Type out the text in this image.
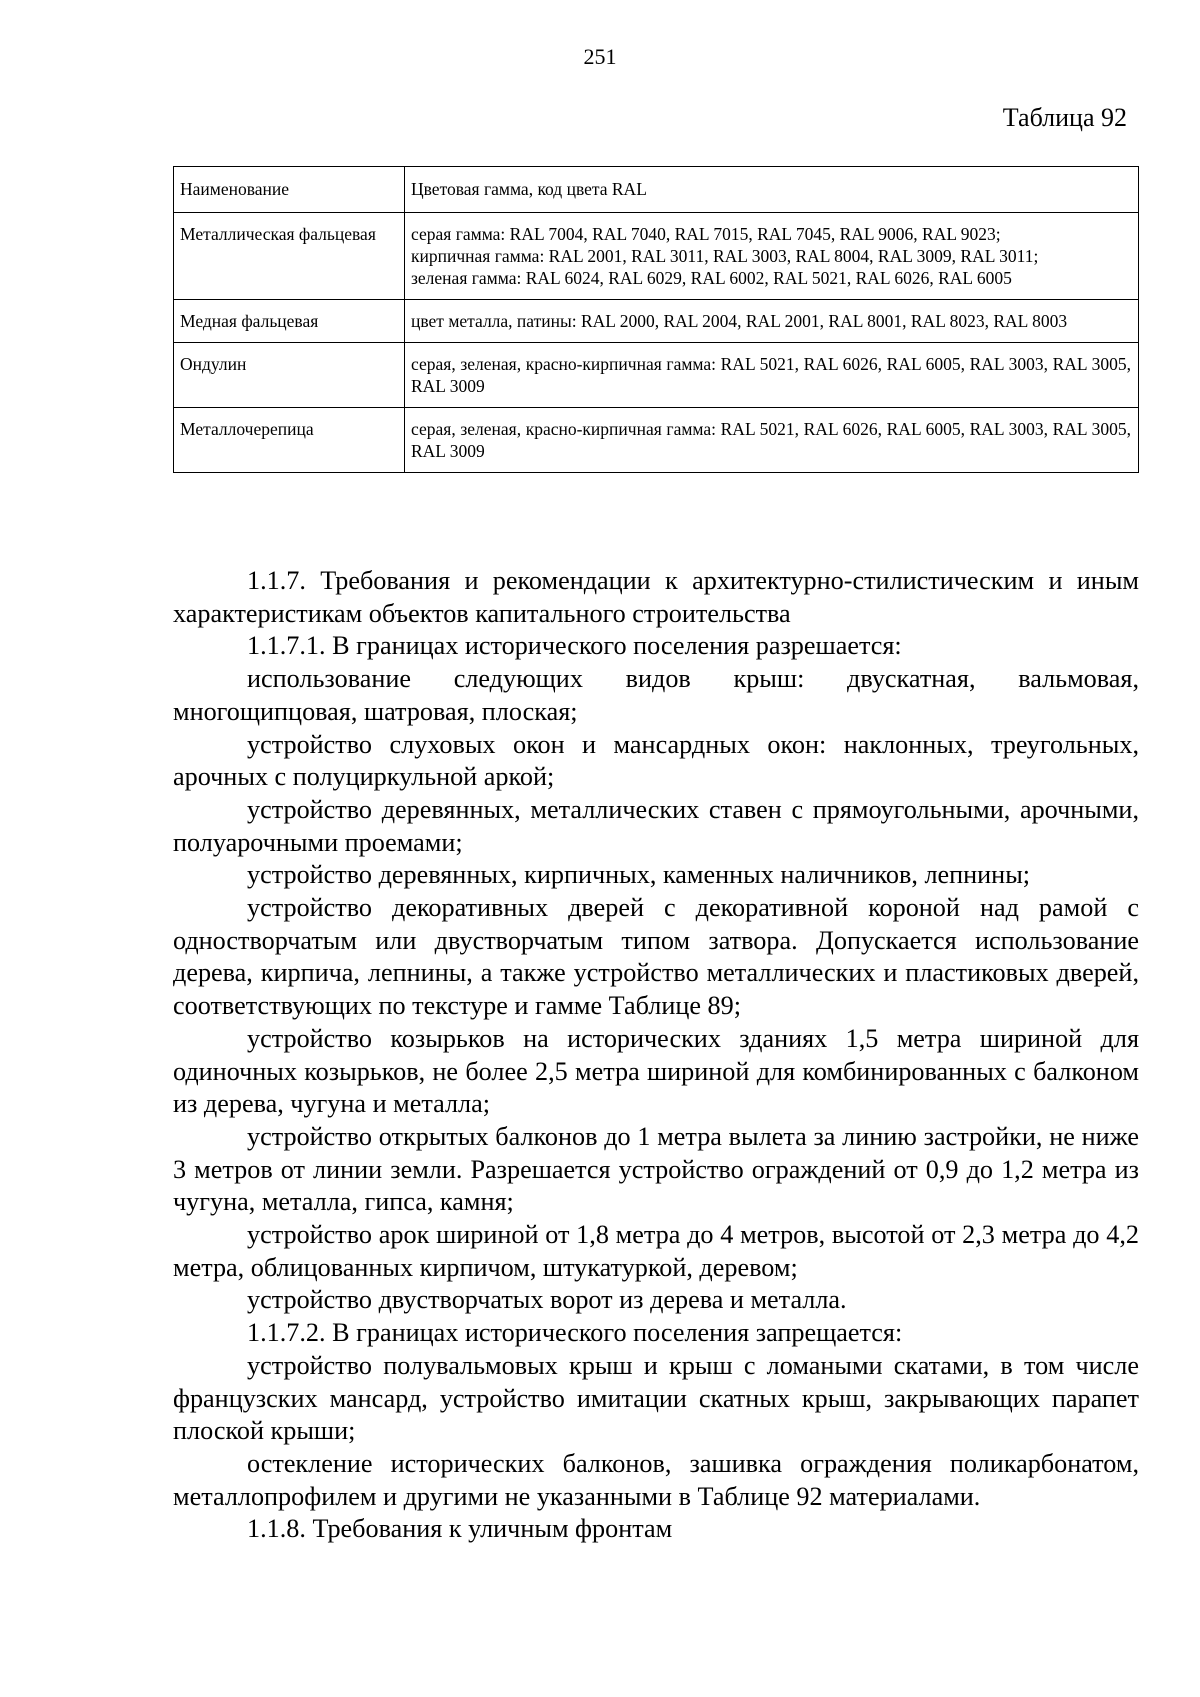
251
Таблица 92
Наименование	Цветовая гамма, код цвета RAL
Металлическая фальцевая	серая гамма: RAL 7004, RAL 7040, RAL 7015, RAL 7045, RAL 9006, RAL 9023;
кирпичная гамма: RAL 2001, RAL 3011, RAL 3003, RAL 8004, RAL 3009, RAL 3011;
зеленая гамма: RAL 6024, RAL 6029, RAL 6002, RAL 5021, RAL 6026, RAL 6005

Медная фальцевая	цвет металла, патины: RAL 2000, RAL 2004, RAL 2001, RAL 8001, RAL 8023, RAL 8003
Ондулин	серая, зеленая, красно-кирпичная гамма: RAL 5021, RAL 6026, RAL 6005, RAL 3003, RAL 3005, RAL 3009
Металлочерепица	серая, зеленая, красно-кирпичная гамма: RAL 5021, RAL 6026, RAL 6005, RAL 3003, RAL 3005, RAL 3009

1.1.7. Требования и рекомендации к архитектурно-стилистическим и иным характеристикам объектов капитального строительства

1.1.7.1. В границах исторического поселения разрешается:

использование следующих видов крыш: двускатная, вальмовая, многощипцовая, шатровая, плоская;

устройство слуховых окон и мансардных окон: наклонных, треугольных, арочных с полуциркульной аркой;

устройство деревянных, металлических ставен с прямоугольными, арочными, полуарочными проемами;

устройство деревянных, кирпичных, каменных наличников, лепнины;

устройство декоративных дверей с декоративной короной над рамой с одностворчатым или двустворчатым типом затвора. Допускается использование дерева, кирпича, лепнины, а также устройство металлических и пластиковых дверей, соответствующих по текстуре и гамме Таблице 89;

устройство козырьков на исторических зданиях 1,5 метра шириной для одиночных козырьков, не более 2,5 метра шириной для комбинированных с балконом из дерева, чугуна и металла;

устройство открытых балконов до 1 метра вылета за линию застройки, не ниже 3 метров от линии земли. Разрешается устройство ограждений от 0,9 до 1,2 метра из чугуна, металла, гипса, камня;

устройство арок шириной от 1,8 метра до 4 метров, высотой от 2,3 метра до 4,2 метра, облицованных кирпичом, штукатуркой, деревом;

устройство двустворчатых ворот из дерева и металла.

1.1.7.2. В границах исторического поселения запрещается:

устройство полувальмовых крыш и крыш с ломаными скатами, в том числе французских мансард, устройство имитации скатных крыш, закрывающих парапет плоской крыши;

остекление исторических балконов, зашивка ограждения поликарбонатом, металлопрофилем и другими не указанными в Таблице 92 материалами.

1.1.8. Требования к уличным фронтам
